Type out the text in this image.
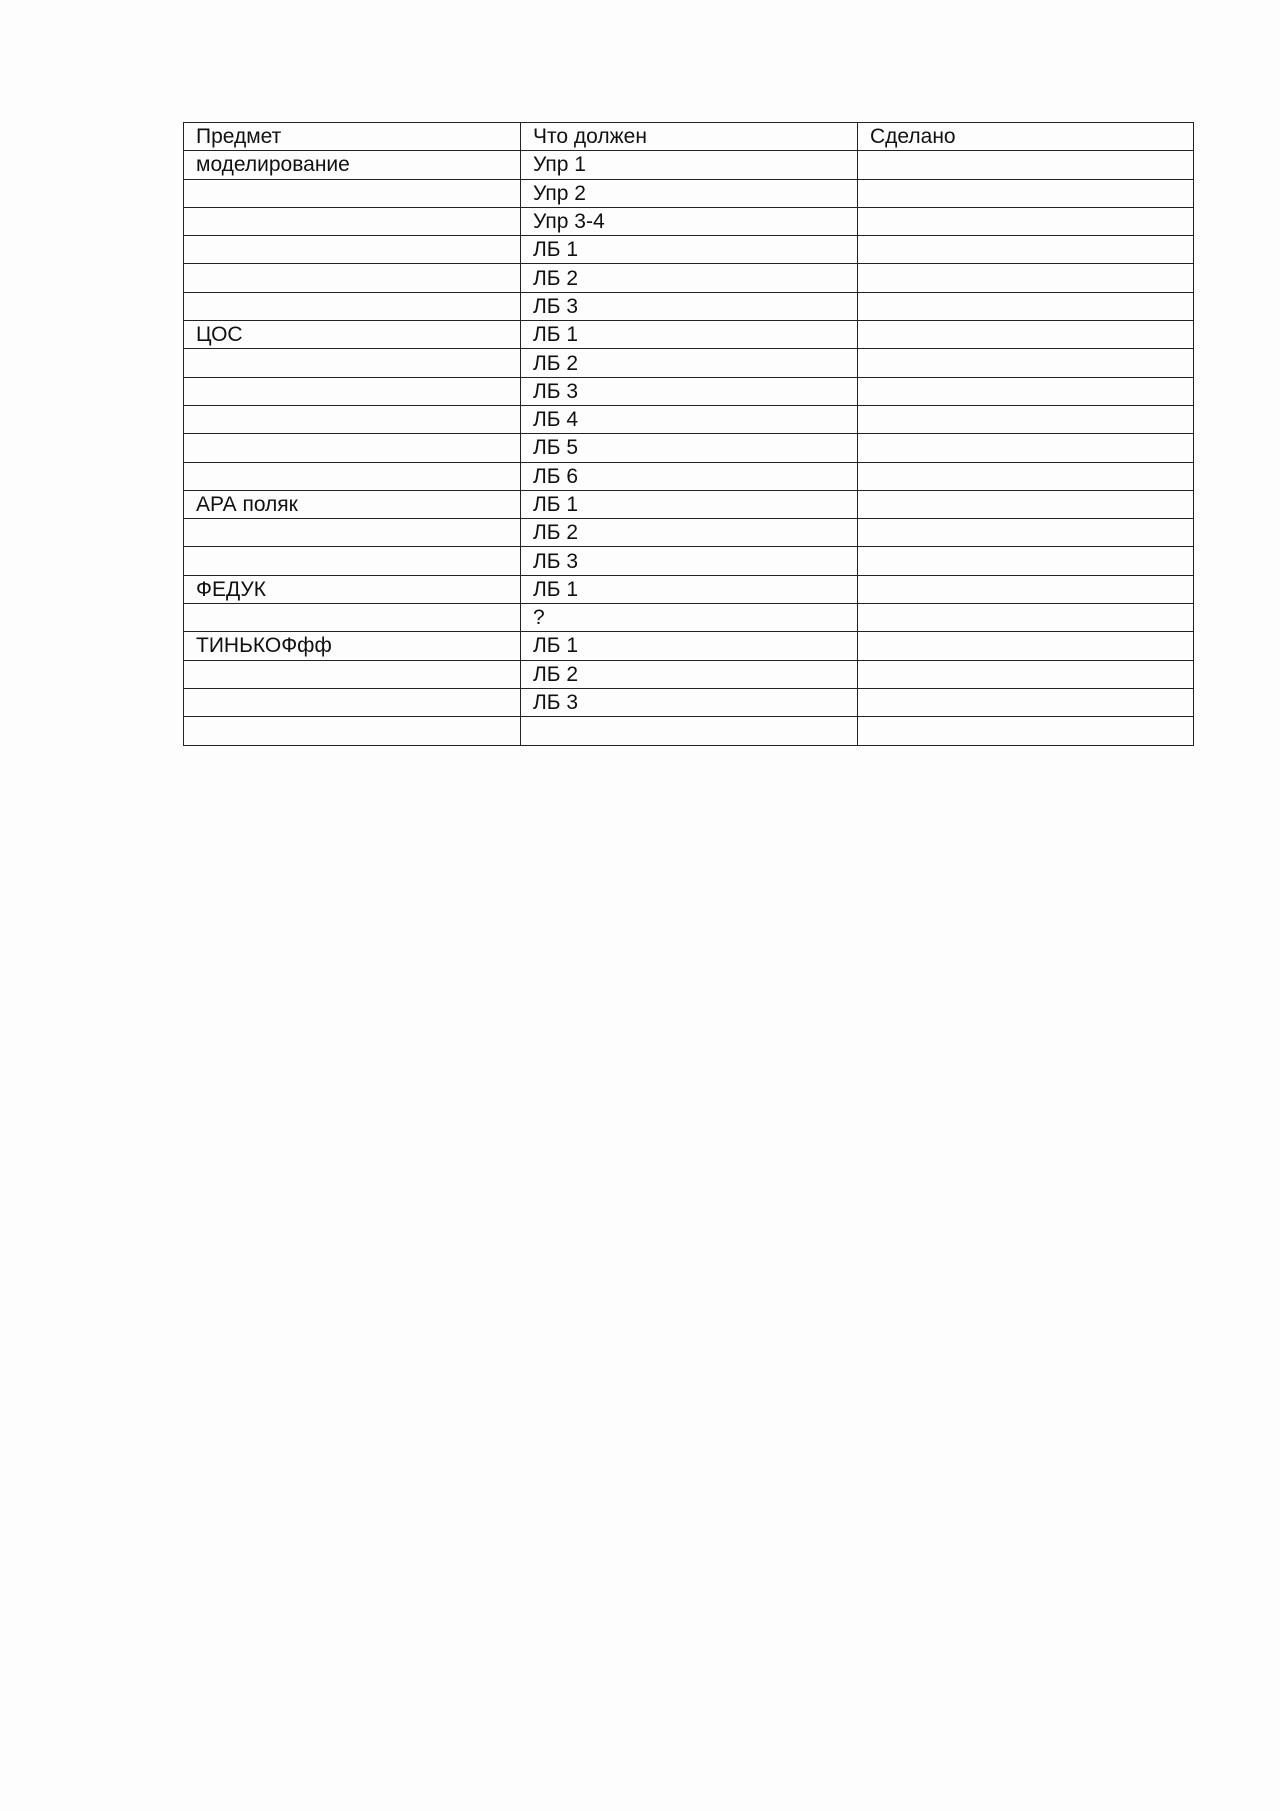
Предмет	Что должен	Сделано
моделирование	Упр 1	
	Упр 2	
	Упр 3-4	
	ЛБ 1	
	ЛБ 2	
	ЛБ 3	
ЦОС	ЛБ 1	
	ЛБ 2	
	ЛБ 3	
	ЛБ 4	
	ЛБ 5	
	ЛБ 6	
АРА поляк	ЛБ 1	
	ЛБ 2	
	ЛБ 3	
ФЕДУК	ЛБ 1	
	?	
ТИНЬКОФфф	ЛБ 1	
	ЛБ 2	
	ЛБ 3	
